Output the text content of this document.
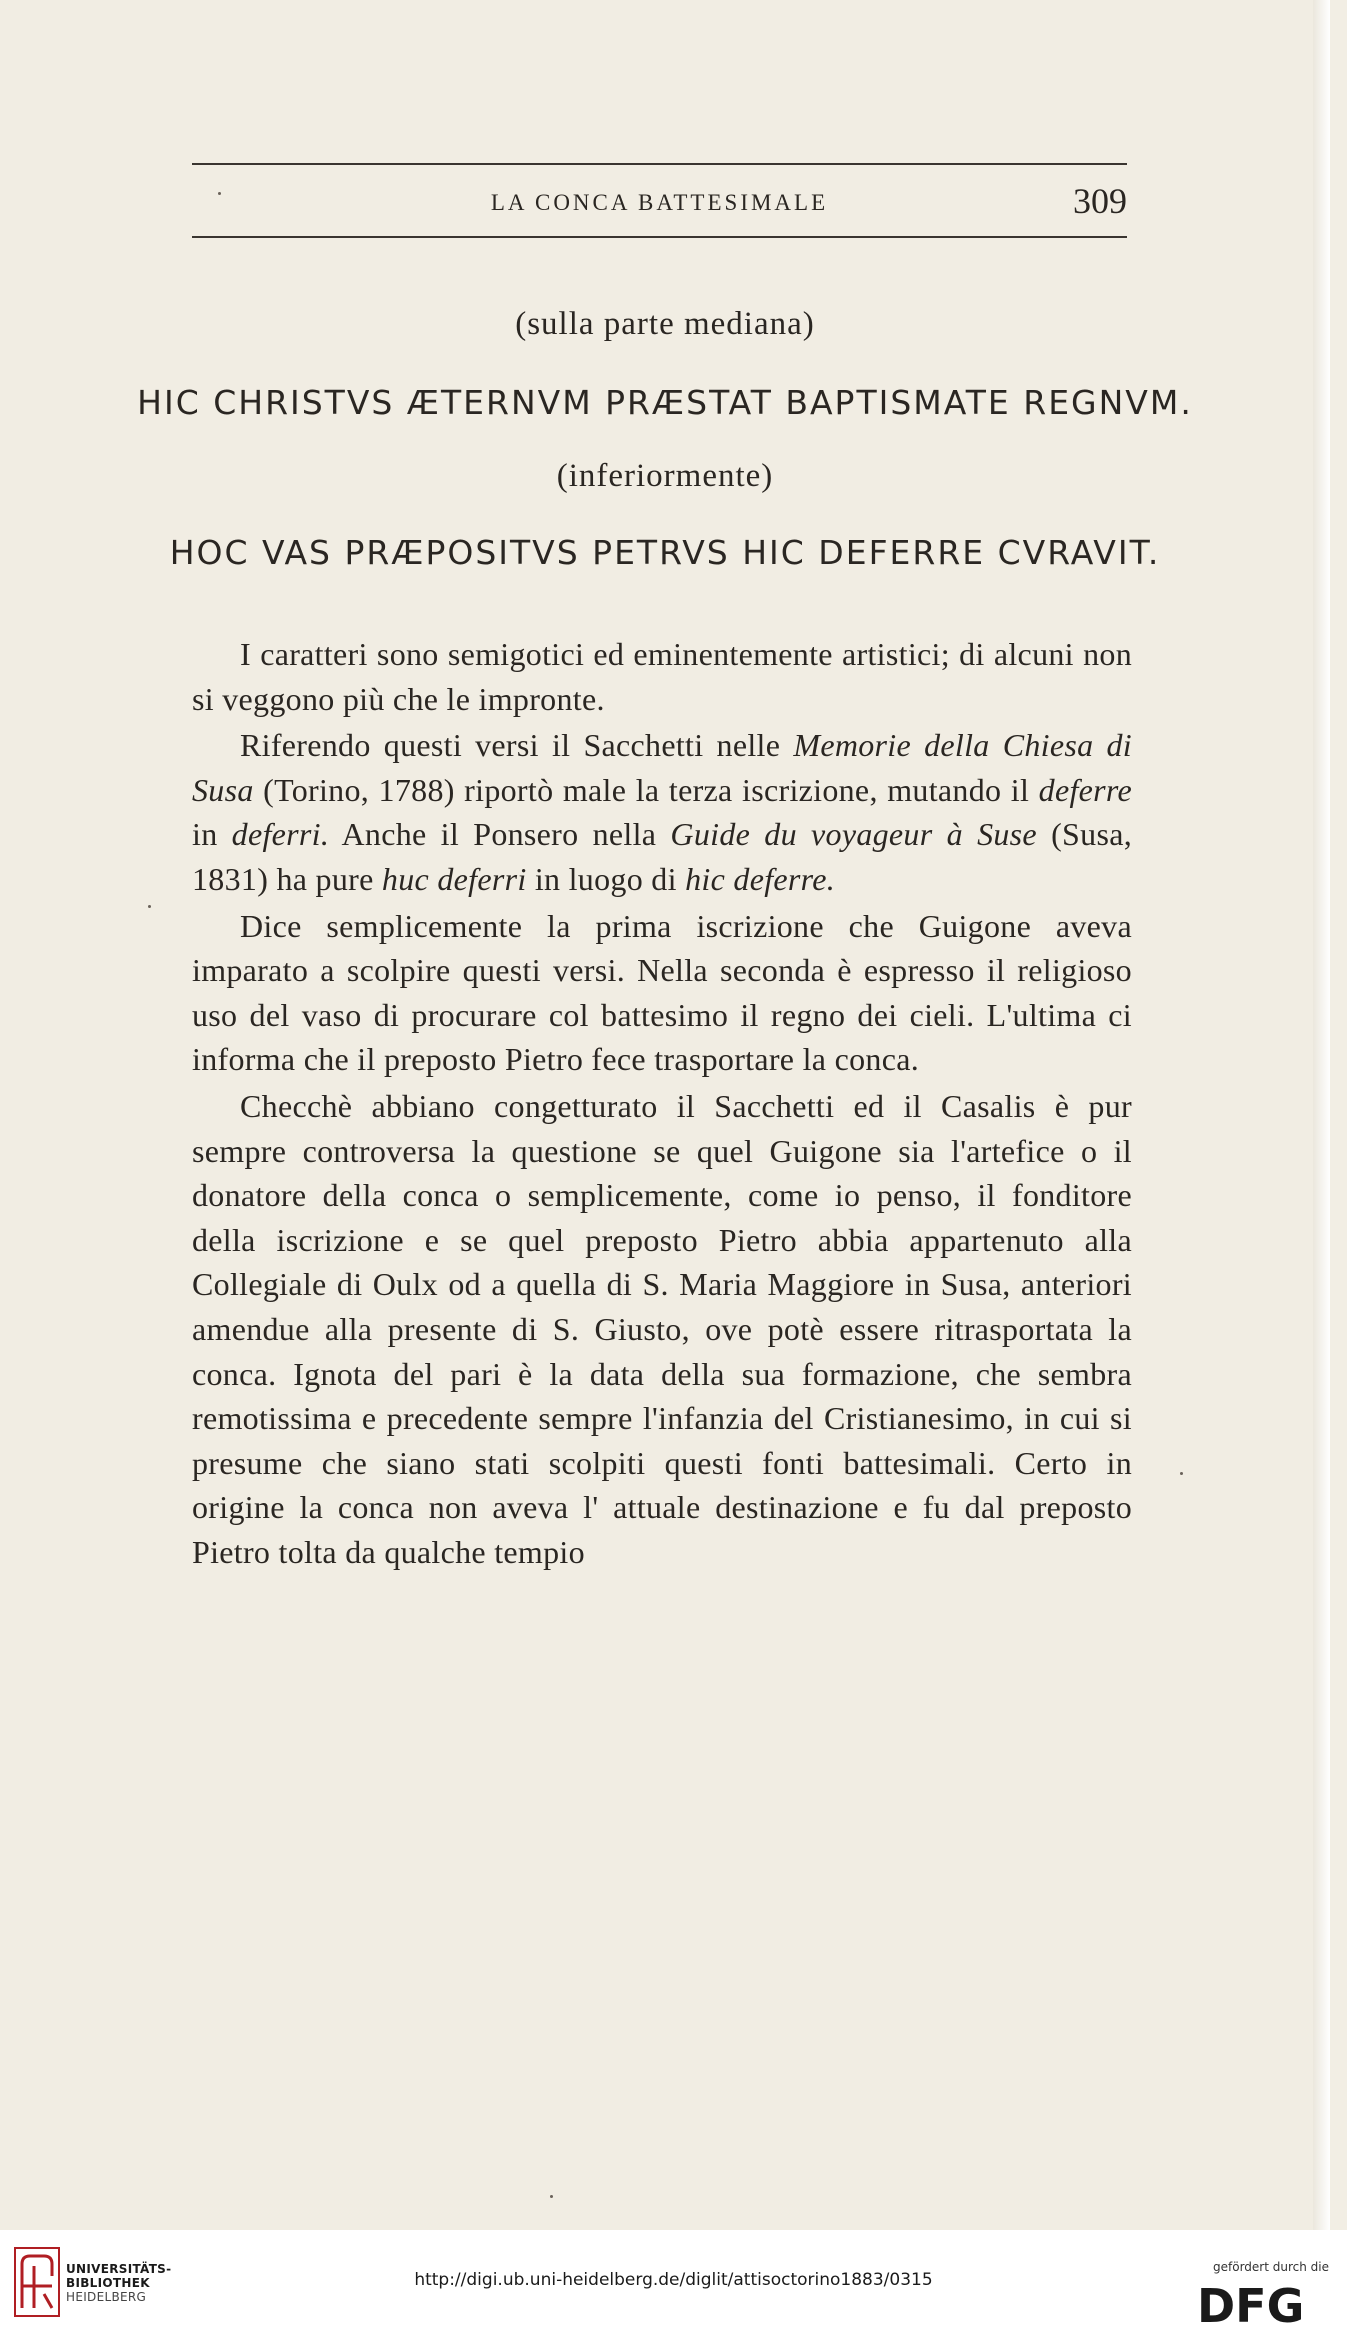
LA CONCA BATTESIMALE	309
(sulla parte mediana)
HIC CHRISTVS ÆTERNVM PRÆSTAT BAPTISMATE REGNVM.
(inferiormente)
HOC VAS PRÆPOSITVS PETRVS HIC DEFERRE CVRAVIT.

I caratteri sono semigotici ed eminentemente artistici; di alcuni non si veggono più che le impronte.

Riferendo questi versi il Sacchetti nelle Memorie della Chiesa di Susa (Torino, 1788) riportò male la terza iscrizione, mutando il deferre in deferri. Anche il Ponsero nella Guide du voyageur à Suse (Susa, 1831) ha pure huc deferri in luogo di hic deferre.

Dice semplicemente la prima iscrizione che Guigone aveva imparato a scolpire questi versi. Nella seconda è espresso il religioso uso del vaso di procurare col battesimo il regno dei cieli. L'ultima ci informa che il preposto Pietro fece trasportare la conca.

Checchè abbiano congetturato il Sacchetti ed il Casalis è pur sempre controversa la questione se quel Guigone sia l'artefice o il donatore della conca o semplicemente, come io penso, il fonditore della iscrizione e se quel preposto Pietro abbia appartenuto alla Collegiale di Oulx od a quella di S. Maria Maggiore in Susa, anteriori amendue alla presente di S. Giusto, ove potè essere ritrasportata la conca. Ignota del pari è la data della sua formazione, che sembra remotissima e precedente sempre l'infanzia del Cristianesimo, in cui si presume che siano stati scolpiti questi fonti battesimali. Certo in origine la conca non aveva l' attuale destinazione e fu dal preposto Pietro tolta da qualche tempio

UNIVERSITÄTS-
BIBLIOTHEK
HEIDELBERG
http://digi.ub.uni-heidelberg.de/diglit/attisoctorino1883/0315
gefördert durch die
DFG
